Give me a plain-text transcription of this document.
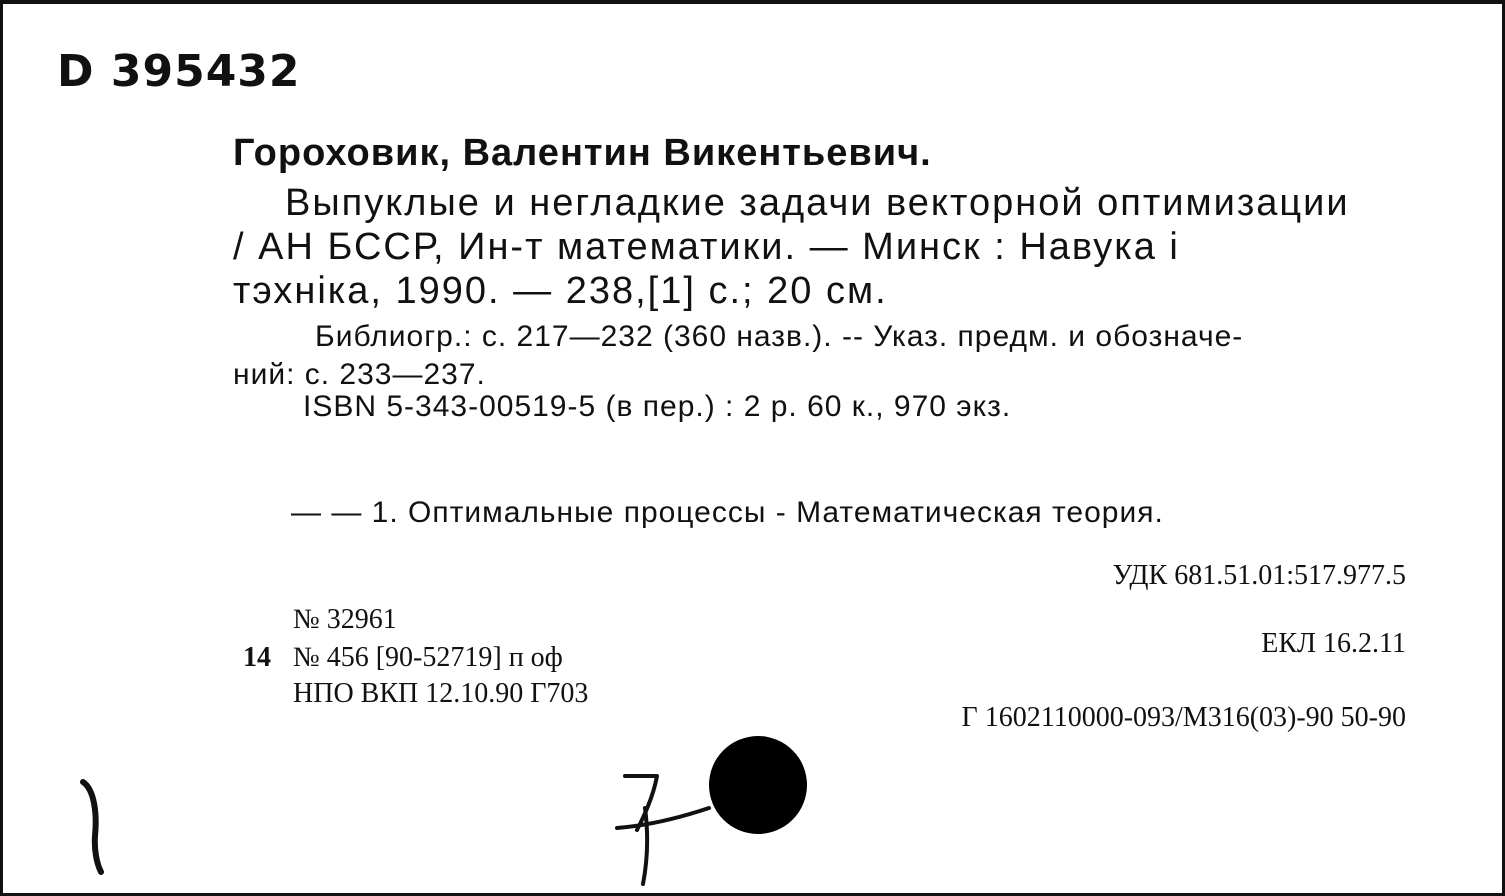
D 395432
Гороховик, Валентин Викентьевич.
Выпуклые и негладкие задачи векторной оптимизации
/ АН БССР, Ин-т математики. — Минск : Навука і
тэхніка, 1990. — 238,[1] с.; 20 см.
Библиогр.: с. 217—232 (360 назв.). -- Указ. предм. и обозначе-
ний: с. 233—237.
ISBN 5-343-00519-5 (в пер.) : 2 р. 60 к., 970 экз.
— — 1. Оптимальные процессы - Математическая теория.
УДК 681.51.01:517.977.5
№ 32961
14 № 456 [90-52719] п оф
НПО ВКП 12.10.90 Г703
ЕКЛ 16.2.11
Г 1602110000-093/М316(03)-90 50-90
